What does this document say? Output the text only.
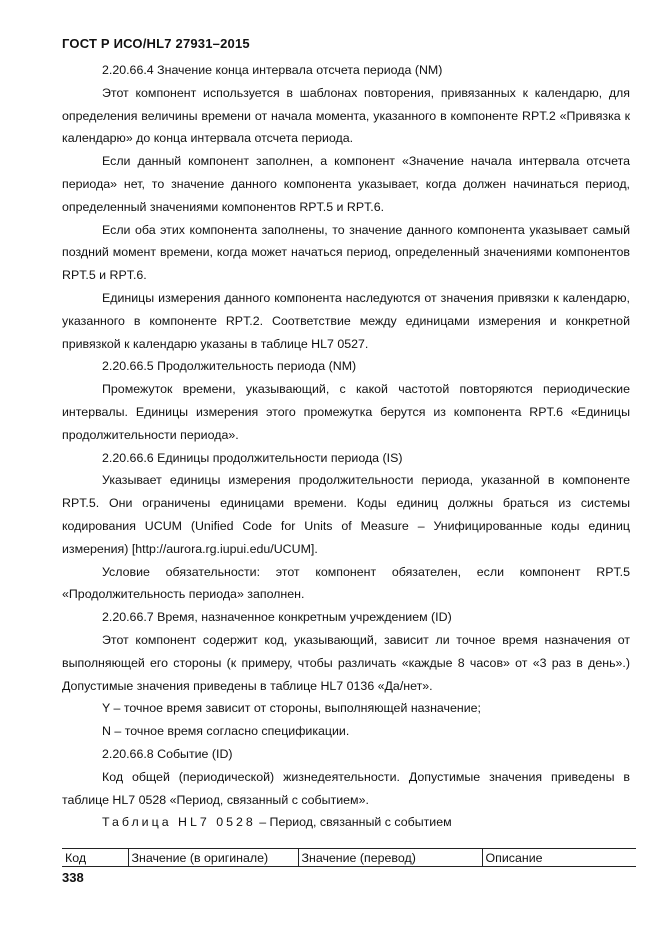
ГОСТ Р ИСО/HL7 27931–2015

2.20.66.4 Значение конца интервала отсчета периода (NM)

Этот компонент используется в шаблонах повторения, привязанных к календарю, для определения величины времени от начала момента, указанного в компоненте RPT.2 «Привязка к календарю» до конца интервала отсчета периода.

Если данный компонент заполнен, а компонент «Значение начала интервала отсчета периода» нет, то значение данного компонента указывает, когда должен начинаться период, определенный значениями компонентов RPT.5 и RPT.6.

Если оба этих компонента заполнены, то значение данного компонента указывает самый поздний момент времени, когда может начаться период, определенный значениями компонентов RPT.5 и RPT.6.

Единицы измерения данного компонента наследуются от значения привязки к календарю, указанного в компоненте RPT.2. Соответствие между единицами измерения и конкретной привязкой к календарю указаны в таблице HL7 0527.

2.20.66.5 Продолжительность периода (NM)

Промежуток времени, указывающий, с какой частотой повторяются периодические интервалы. Единицы измерения этого промежутка берутся из компонента RPT.6 «Единицы продолжительности периода».

2.20.66.6 Единицы продолжительности периода (IS)

Указывает единицы измерения продолжительности периода, указанной в компоненте RPT.5. Они ограничены единицами времени. Коды единиц должны браться из системы кодирования UCUM (Unified Code for Units of Measure – Унифицированные коды единиц измерения) [http://aurora.rg.iupui.edu/UCUM].

Условие обязательности: этот компонент обязателен, если компонент RPT.5 «Продолжительность периода» заполнен.

2.20.66.7 Время, назначенное конкретным учреждением (ID)

Этот компонент содержит код, указывающий, зависит ли точное время назначения от выполняющей его стороны (к примеру, чтобы различать «каждые 8 часов» от «3 раз в день».) Допустимые значения приведены в таблице HL7 0136 «Да/нет».

Y – точное время зависит от стороны, выполняющей назначение;

N – точное время согласно спецификации.

2.20.66.8 Событие (ID)

Код общей (периодической) жизнедеятельности. Допустимые значения приведены в таблице HL7 0528 «Период, связанный с событием».

Таблица HL7 0528 – Период, связанный с событием

Код	Значение (в оригинале)	Значение (перевод)	Описание
338
